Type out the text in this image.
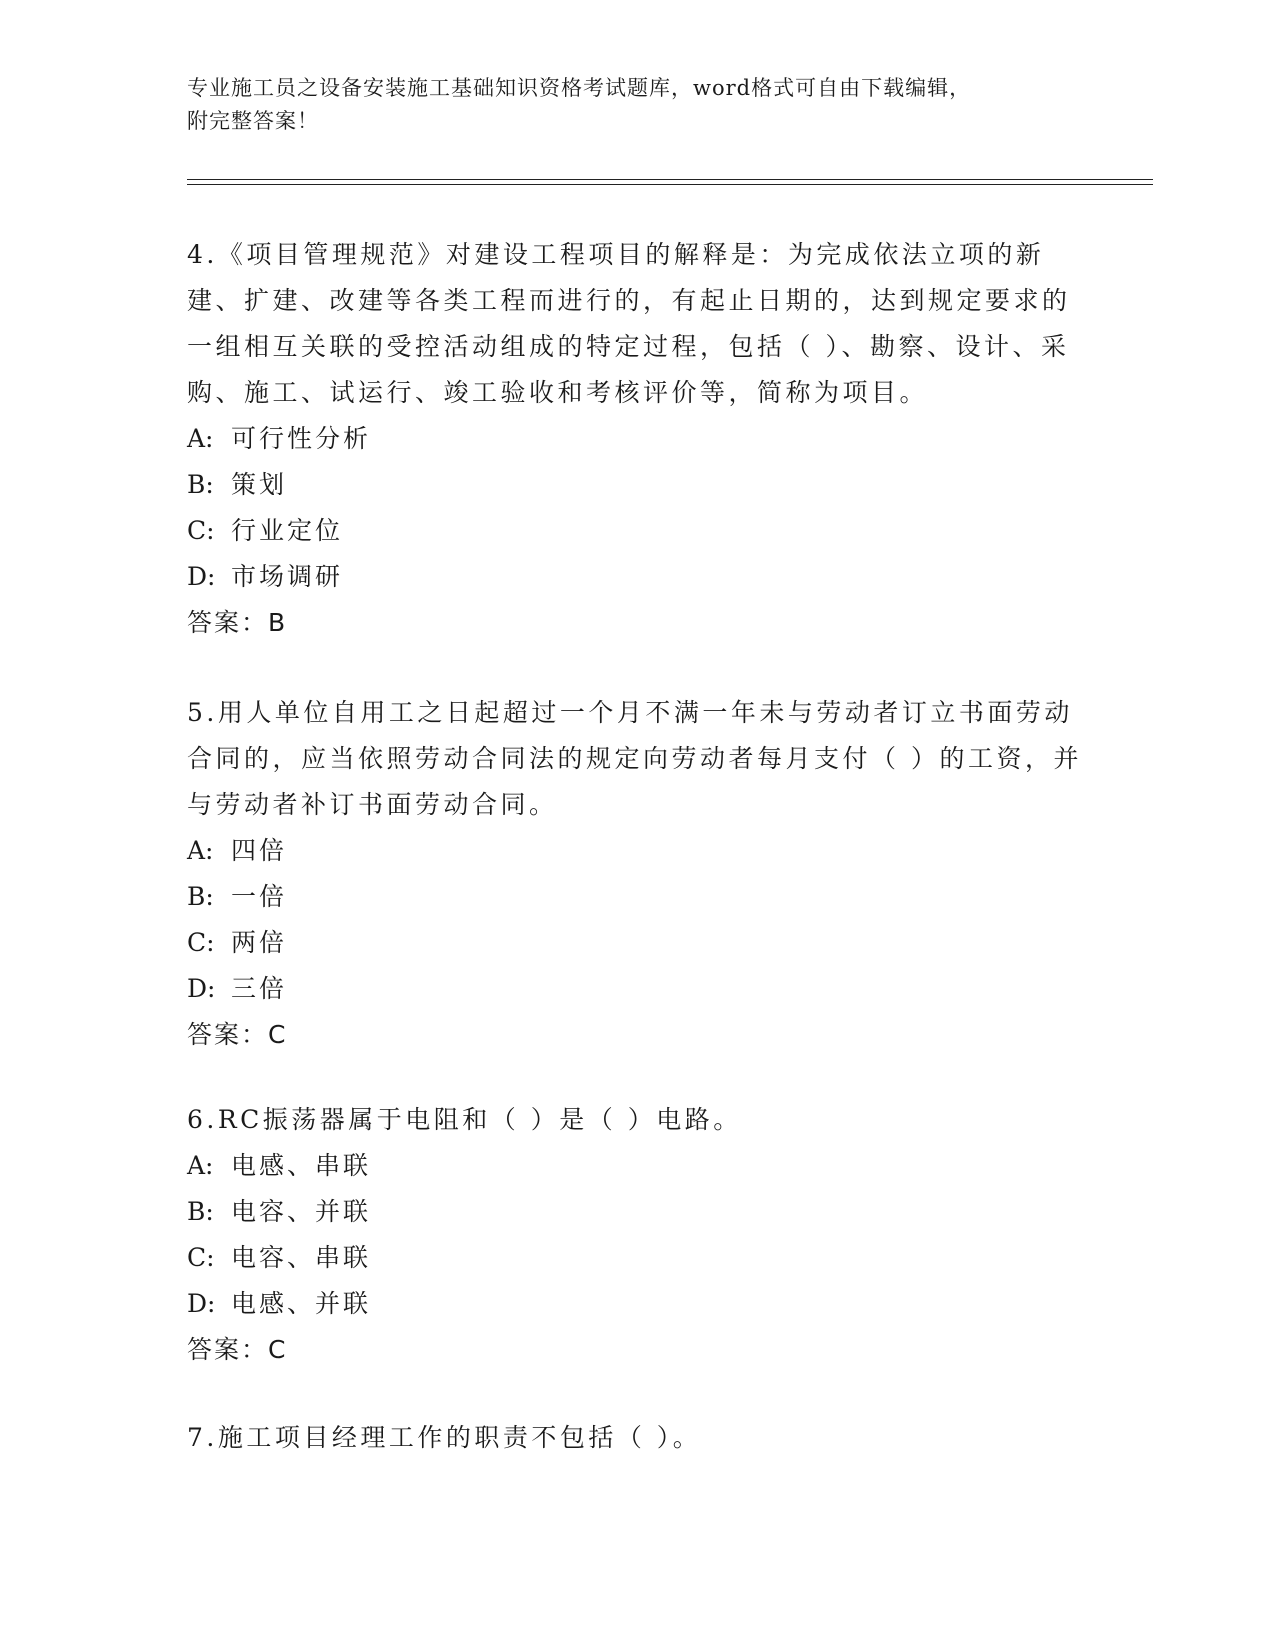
专业施工员之设备安装施工基础知识资格考试题库，word格式可自由下载编辑，
附完整答案！

4.《项目管理规范》对建设工程项目的解释是：为完成依法立项的新建、扩建、改建等各类工程而进行的，有起止日期的，达到规定要求的一组相互关联的受控活动组成的特定过程，包括（ ）、勘察、设计、采购、施工、试运行、竣工验收和考核评价等，简称为项目。

A: 可行性分析

B: 策划

C: 行业定位

D: 市场调研

答案：B

5.用人单位自用工之日起超过一个月不满一年未与劳动者订立书面劳动合同的，应当依照劳动合同法的规定向劳动者每月支付（ ）的工资，并与劳动者补订书面劳动合同。

A: 四倍

B: 一倍

C: 两倍

D: 三倍

答案：C

6.RC振荡器属于电阻和（ ）是（ ）电路。

A: 电感、串联

B: 电容、并联

C: 电容、串联

D: 电感、并联

答案：C

7.施工项目经理工作的职责不包括（ ）。
